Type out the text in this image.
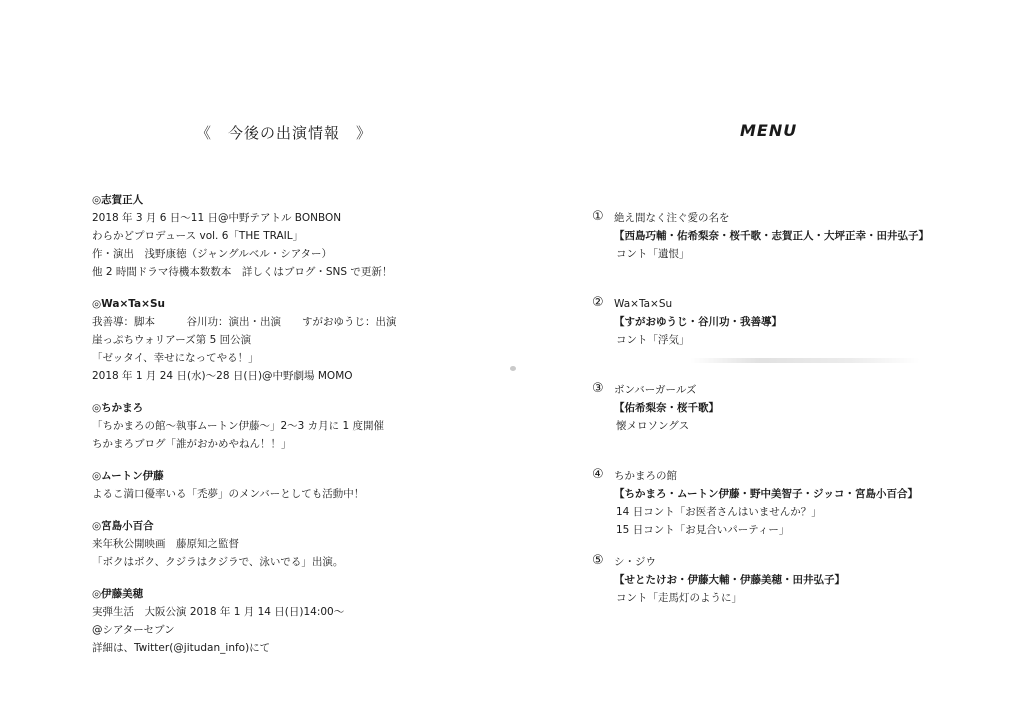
《　今後の出演情報　》	MENU
◎志賀正人
2018 年 3 月 6 日〜11 日@中野テアトル BONBON
わらかどプロデュース vol. 6「THE TRAIL」
作・演出　浅野康徳（ジャングルベル・シアター）
他 2 時間ドラマ待機本数数本　詳しくはブログ・SNS で更新！
◎Wa×Ta×Su
我善導：脚本　　　谷川功：演出・出演　　すがおゆうじ：出演
崖っぷちウォリアーズ第 5 回公演
「ゼッタイ、幸せになってやる！」
2018 年 1 月 24 日(水)〜28 日(日)@中野劇場 MOMO
◎ちかまろ
「ちかまろの館〜執事ムートン伊藤〜」2〜3 カ月に 1 度開催
ちかまろブログ「誰がおかめやねん！！」
◎ムートン伊藤
よるこ満口優率いる「禿夢」のメンバーとしても活動中！
◎宮島小百合
来年秋公開映画　藤原知之監督
「ボクはボク、クジラはクジラで、泳いでる」出演。
◎伊藤美穂
実弾生活　大阪公演 2018 年 1 月 14 日(日)14:00〜
@シアターセブン
詳細は、Twitter(@jitudan_info)にて
① 絶え間なく注ぐ愛の名を
【西島巧輔・佑希梨奈・桜千歌・志賀正人・大坪正幸・田井弘子】
コント「遺恨」
② Wa×Ta×Su
【すがおゆうじ・谷川功・我善導】
コント「浮気」
③ ボンバーガールズ
【佑希梨奈・桜千歌】
懐メロソングス
④ ちかまろの館
【ちかまろ・ムートン伊藤・野中美智子・ジッコ・宮島小百合】
14 日コント「お医者さんはいませんか？」
15 日コント「お見合いパーティー」
⑤ シ・ジウ
【せとたけお・伊藤大輔・伊藤美穂・田井弘子】
コント「走馬灯のように」
